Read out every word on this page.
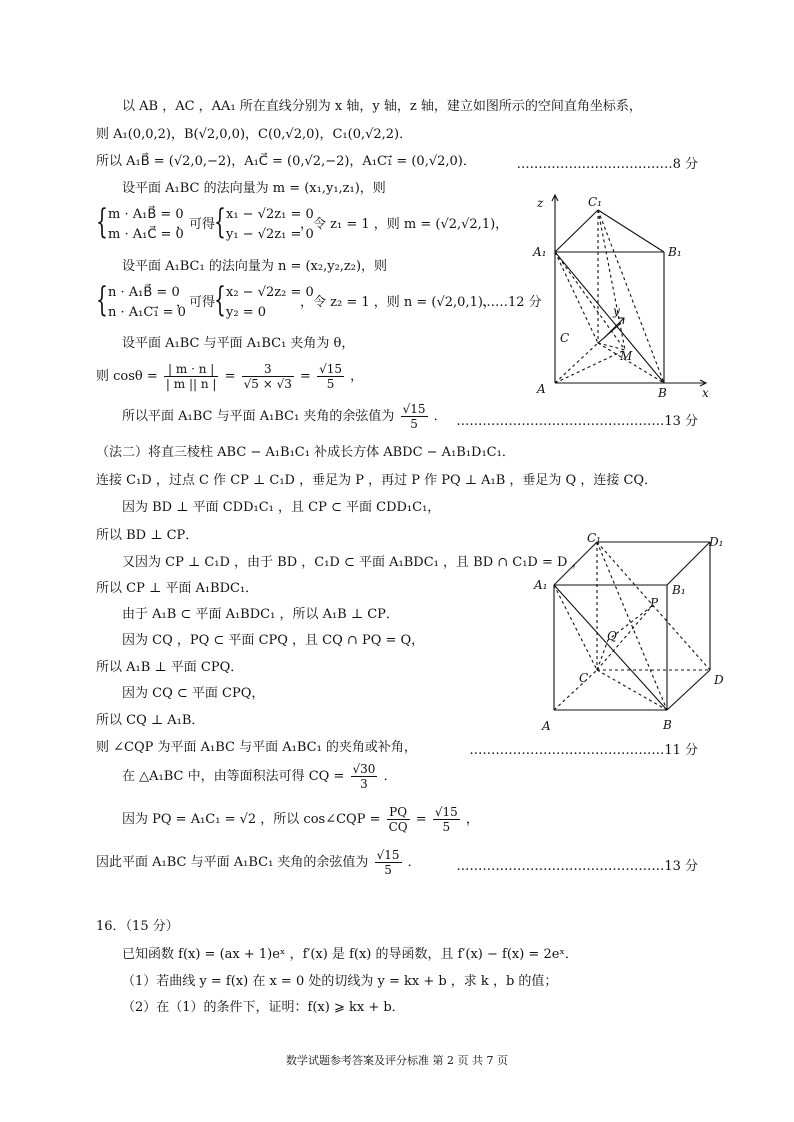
以 AB ，AC ，AA₁ 所在直线分别为 x 轴，y 轴，z 轴，建立如图所示的空间直角坐标系，
则 A₁(0,0,2)，B(√2,0,0)，C(0,√2,0)，C₁(0,√2,2)．
所以 A₁B⃗ = (√2,0,−2)，A₁C⃗ = (0,√2,−2)，A₁C₁⃗ = (0,√2,0)．	………………………………8 分
设平面 A₁BC 的法向量为 m = (x₁,y₁,z₁)，则
{ m · A₁B⃗ = 0
m · A₁C⃗ = 0
，可得
{ x₁ − √2z₁ = 0
y₁ − √2z₁ = 0
，令 z₁ = 1 ，则 m = (√2,√2,1)，
设平面 A₁BC₁ 的法向量为 n = (x₂,y₂,z₂)，则
{ n · A₁B⃗ = 0
n · A₁C₁⃗ = 0
，可得
{ x₂ − √2z₂ = 0
y₂ = 0
，令 z₂ = 1 ，则 n = (√2,0,1)，
……12 分
设平面 A₁BC 与平面 A₁BC₁ 夹角为 θ，
则 $\cos\theta = \frac{| m \cdot n |}{| m || n |} = \frac{3}{√5 \times √3} = \frac{√15}{5}$ ，
所以平面 A₁BC 与平面 A₁BC₁ 夹角的余弦值为 $\frac{√15}{5}$ ． …………………………………………13 分
（法二）将直三棱柱 ABC − A₁B₁C₁ 补成长方体 ABDC − A₁B₁D₁C₁．
连接 C₁D ，过点 C 作 CP ⊥ C₁D ，垂足为 P ，再过 P 作 PQ ⊥ A₁B ，垂足为 Q ，连接 CQ．
因为 BD ⊥ 平面 CDD₁C₁ ，且 CP ⊂ 平面 CDD₁C₁，
所以 BD ⊥ CP．
又因为 CP ⊥ C₁D ，由于 BD ，C₁D ⊂ 平面 A₁BDC₁ ，且 BD ∩ C₁D = D ，
所以 CP ⊥ 平面 A₁BDC₁．
由于 A₁B ⊂ 平面 A₁BDC₁ ，所以 A₁B ⊥ CP．
因为 CQ ，PQ ⊂ 平面 CPQ ，且 CQ ∩ PQ = Q，
所以 A₁B ⊥ 平面 CPQ．
因为 CQ ⊂ 平面 CPQ，
所以 CQ ⊥ A₁B．
则 ∠CQP 为平面 A₁BC 与平面 A₁BC₁ 的夹角或补角，	………………………………………11 分
在 △A₁BC 中，由等面积法可得 CQ = $\frac{√30}{3}$ ．
因为 PQ = A₁C₁ = √2 ，所以 cos∠CQP = $\frac{PQ}{CQ} = \frac{√15}{5}$ ，
因此平面 A₁BC 与平面 A₁BC₁ 夹角的余弦值为 $\frac{√15}{5}$ ．	…………………………………………13 分
16．（15 分）
已知函数 f(x) = (ax + 1)eˣ ，f′(x) 是 f(x) 的导函数，且 f′(x) − f(x) = 2eˣ．
（1）若曲线 y = f(x) 在 x = 0 处的切线为 y = kx + b ，求 k ，b 的值；
（2）在（1）的条件下，证明：f(x) ⩾ kx + b．
z
x
y
C₁
A₁	B₁
C
M
A	B
C₁	D₁
A₁	B₁
P
Q
C	D
A	B
数学试题参考答案及评分标准 第 2 页 共 7 页
